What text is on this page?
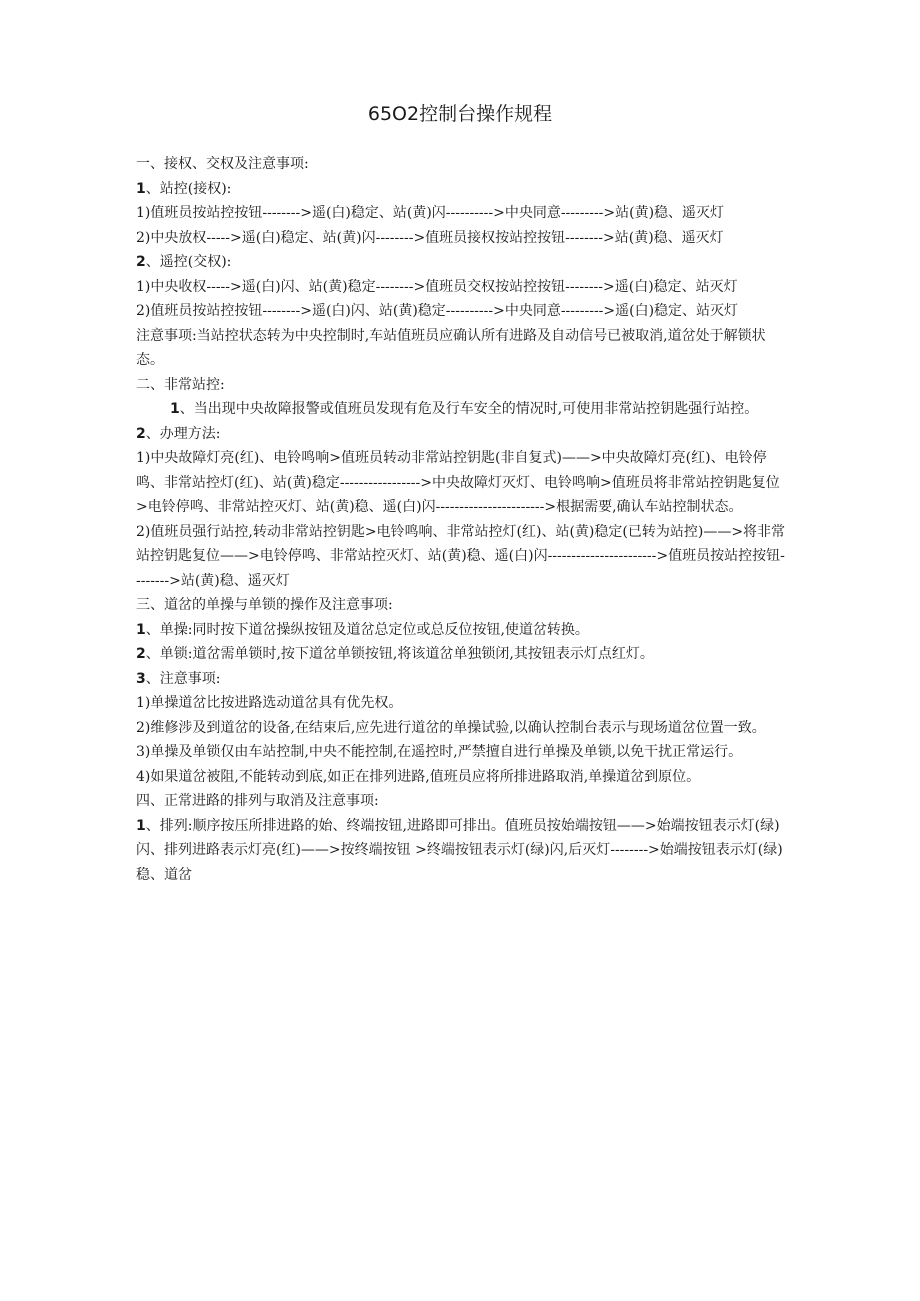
65O2控制台操作规程

一、接权、交权及注意事项:

1、站控(接权):

1)值班员按站控按钮-------->遥(白)稳定、站(黄)闪---------->中央同意--------->站(黄)稳、遥灭灯

2)中央放权----->遥(白)稳定、站(黄)闪-------->值班员接权按站控按钮-------->站(黄)稳、遥灭灯

2、遥控(交权):

1)中央收权----->遥(白)闪、站(黄)稳定-------->值班员交权按站控按钮-------->遥(白)稳定、站灭灯

2)值班员按站控按钮-------->遥(白)闪、站(黄)稳定---------->中央同意--------->遥(白)稳定、站灭灯

注意事项:当站控状态转为中央控制时,车站值班员应确认所有进路及自动信号已被取消,道岔处于解锁状态。

二、非常站控:

1、当出现中央故障报警或值班员发现有危及行车安全的情况时,可使用非常站控钥匙强行站控。

2、办理方法:

1)中央故障灯亮(红)、电铃鸣响>值班员转动非常站控钥匙(非自复式)——>中央故障灯亮(红)、电铃停鸣、非常站控灯(红)、站(黄)稳定----------------->中央故障灯灭灯、电铃鸣响>值班员将非常站控钥匙复位>电铃停鸣、非常站控灭灯、站(黄)稳、遥(白)闪----------------------->根据需要,确认车站控制状态。

2)值班员强行站控,转动非常站控钥匙>电铃鸣响、非常站控灯(红)、站(黄)稳定(已转为站控)——>将非常站控钥匙复位——>电铃停鸣、非常站控灭灯、站(黄)稳、遥(白)闪----------------------->值班员按站控按钮-------->站(黄)稳、遥灭灯

三、道岔的单操与单锁的操作及注意事项:

1、单操:同时按下道岔操纵按钮及道岔总定位或总反位按钮,使道岔转换。

2、单锁:道岔需单锁时,按下道岔单锁按钮,将该道岔单独锁闭,其按钮表示灯点红灯。

3、注意事项:

1)单操道岔比按进路选动道岔具有优先权。

2)维修涉及到道岔的设备,在结束后,应先进行道岔的单操试验,以确认控制台表示与现场道岔位置一致。

3)单操及单锁仅由车站控制,中央不能控制,在遥控时,严禁擅自进行单操及单锁,以免干扰正常运行。

4)如果道岔被阻,不能转动到底,如正在排列进路,值班员应将所排进路取消,单操道岔到原位。

四、正常进路的排列与取消及注意事项:

1、排列:顺序按压所排进路的始、终端按钮,进路即可排出。值班员按始端按钮——>始端按钮表示灯(绿)闪、排列进路表示灯亮(红)——>按终端按钮 >终端按钮表示灯(绿)闪,后灭灯-------->始端按钮表示灯(绿)稳、道岔
